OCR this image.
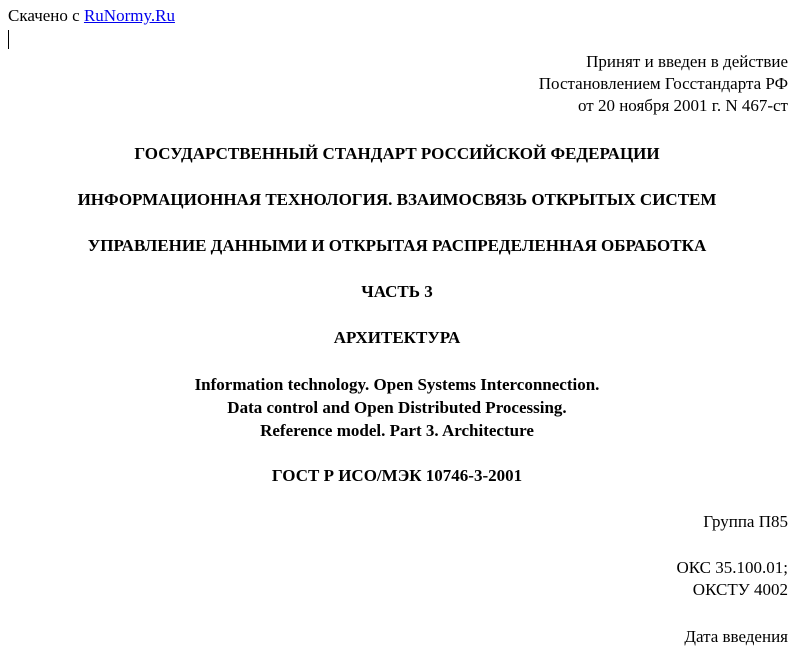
Скачено с RuNormy.Ru
Принят и введен в действие
Постановлением Госстандарта РФ
от 20 ноября 2001 г. N 467-ст
ГОСУДАРСТВЕННЫЙ СТАНДАРТ РОССИЙСКОЙ ФЕДЕРАЦИИ
ИНФОРМАЦИОННАЯ ТЕХНОЛОГИЯ. ВЗАИМОСВЯЗЬ ОТКРЫТЫХ СИСТЕМ
УПРАВЛЕНИЕ ДАННЫМИ И ОТКРЫТАЯ РАСПРЕДЕЛЕННАЯ ОБРАБОТКА
ЧАСТЬ 3
АРХИТЕКТУРА
Information technology. Open Systems Interconnection.
Data control and Open Distributed Processing.
Reference model. Part 3. Architecture
ГОСТ Р ИСО/МЭК 10746-3-2001
Группа П85
ОКС 35.100.01;
ОКСТУ 4002
Дата введения
